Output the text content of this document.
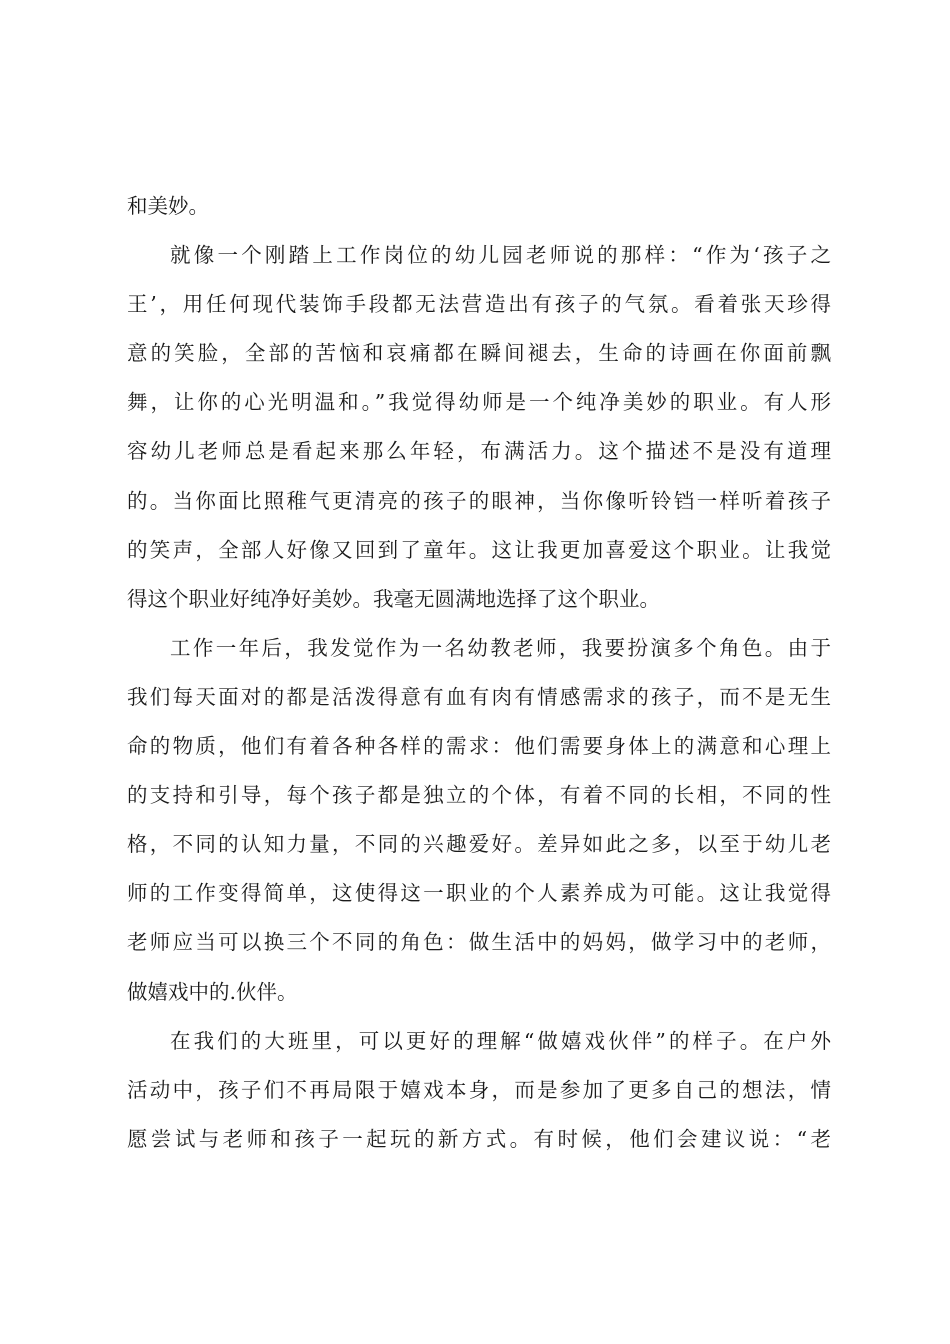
和美妙。
就像一个刚踏上工作岗位的幼儿园老师说的那样：“作为‘孩子之
王’，用任何现代装饰手段都无法营造出有孩子的气氛。看着张天珍得
意的笑脸，全部的苦恼和哀痛都在瞬间褪去，生命的诗画在你面前飘
舞，让你的心光明温和。”我觉得幼师是一个纯净美妙的职业。有人形
容幼儿老师总是看起来那么年轻，布满活力。这个描述不是没有道理
的。当你面比照稚气更清亮的孩子的眼神，当你像听铃铛一样听着孩子
的笑声，全部人好像又回到了童年。这让我更加喜爱这个职业。让我觉
得这个职业好纯净好美妙。我毫无圆满地选择了这个职业。
工作一年后，我发觉作为一名幼教老师，我要扮演多个角色。由于
我们每天面对的都是活泼得意有血有肉有情感需求的孩子，而不是无生
命的物质，他们有着各种各样的需求：他们需要身体上的满意和心理上
的支持和引导，每个孩子都是独立的个体，有着不同的长相，不同的性
格，不同的认知力量，不同的兴趣爱好。差异如此之多，以至于幼儿老
师的工作变得简单，这使得这一职业的个人素养成为可能。这让我觉得
老师应当可以换三个不同的角色：做生活中的妈妈，做学习中的老师，
做嬉戏中的.伙伴。
在我们的大班里，可以更好的理解“做嬉戏伙伴”的样子。在户外
活动中，孩子们不再局限于嬉戏本身，而是参加了更多自己的想法，情
愿尝试与老师和孩子一起玩的新方式。有时候，他们会建议说：“老
